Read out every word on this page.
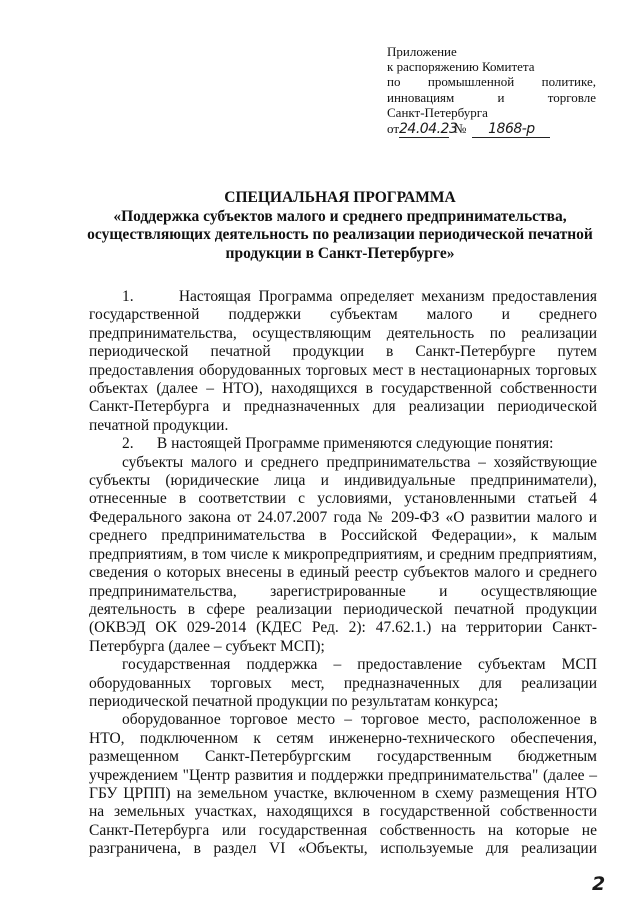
Приложение
к распоряжению Комитета
по промышленной политике,
инновациям и торговле
Санкт-Петербурга
от 24.04.23
№	1868-р
СПЕЦИАЛЬНАЯ ПРОГРАММА
«Поддержка субъектов малого и среднего предпринимательства,
осуществляющих деятельность по реализации периодической печатной
продукции в Санкт-Петербурге»

1.      Настоящая Программа определяет механизм предоставления государственной поддержки субъектам малого и среднего предпринимательства, осуществляющим деятельность по реализации периодической печатной продукции в Санкт-Петербурге путем предоставления оборудованных торговых мест в нестационарных торговых объектах (далее – НТО), находящихся в государственной собственности Санкт-Петербурга и предназначенных для реализации периодической печатной продукции.

2.      В настоящей Программе применяются следующие понятия:

субъекты малого и среднего предпринимательства – хозяйствующие субъекты (юридические лица и индивидуальные предприниматели), отнесенные в соответствии с условиями, установленными статьей 4 Федерального закона от 24.07.2007 года № 209-ФЗ «О развитии малого и среднего предпринимательства в Российской Федерации», к малым предприятиям, в том числе к микропредприятиям, и средним предприятиям, сведения о которых внесены в единый реестр субъектов малого и среднего предпринимательства, зарегистрированные и осуществляющие деятельность в сфере реализации периодической печатной продукции (ОКВЭД ОК 029-2014 (КДЕС Ред. 2): 47.62.1.) на территории Санкт-Петербурга (далее – субъект МСП);

государственная поддержка – предоставление субъектам МСП оборудованных торговых мест, предназначенных для реализации периодической печатной продукции по результатам конкурса;

оборудованное торговое место – торговое место, расположенное в НТО, подключенном к сетям инженерно-технического обеспечения, размещенном Санкт-Петербургским государственным бюджетным учреждением "Центр развития и поддержки предпринимательства" (далее – ГБУ ЦРПП) на земельном участке, включенном в схему размещения НТО на земельных участках, находящихся в государственной собственности Санкт-Петербурга или государственная собственность на которые не разграничена, в раздел VI «Объекты, используемые для реализации

2
